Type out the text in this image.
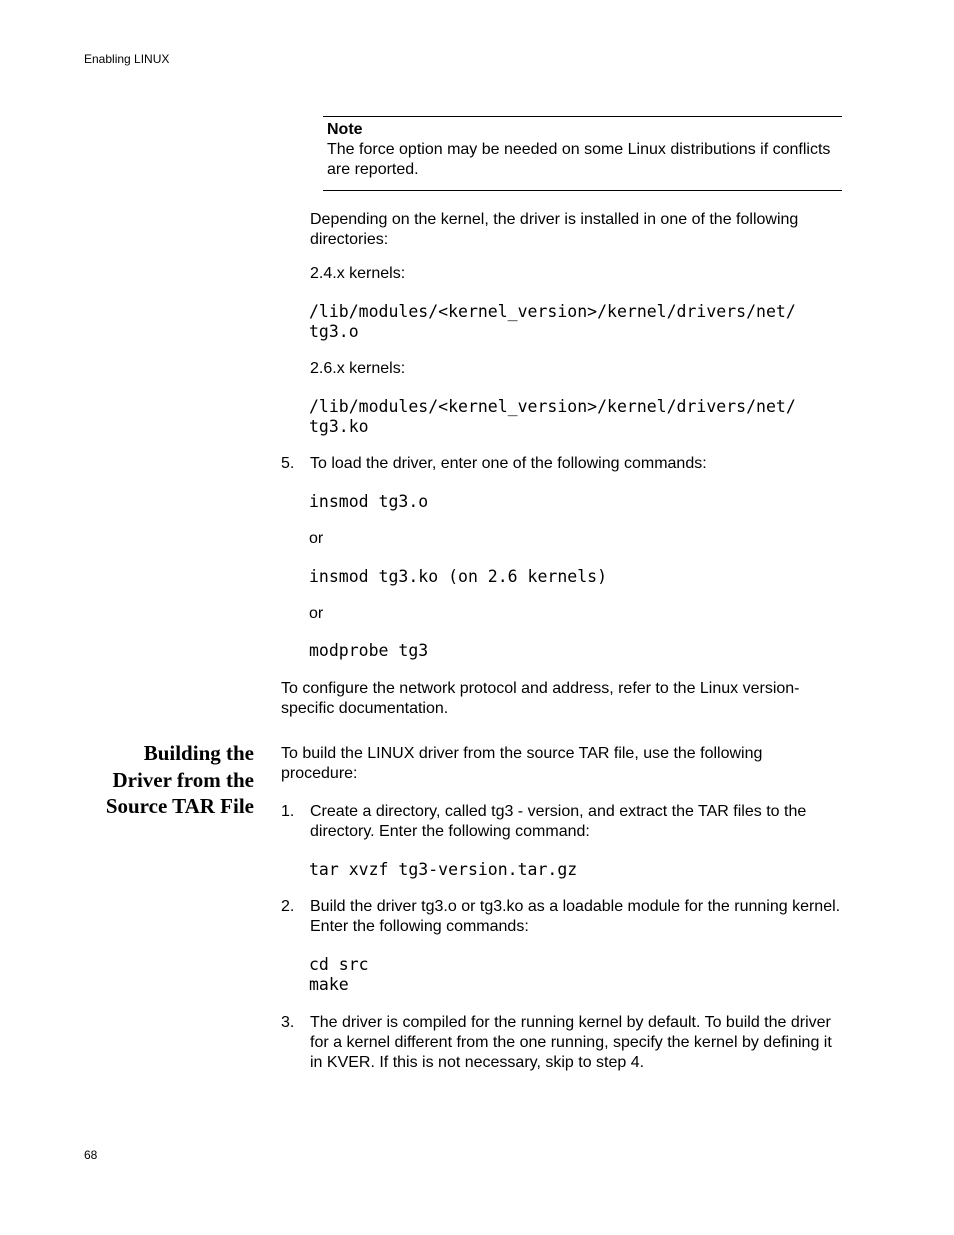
Enabling LINUX
Note
The force option may be needed on some Linux distributions if conflicts are reported.
Depending on the kernel, the driver is installed in one of the following directories:
2.4.x kernels:
/lib/modules/<kernel_version>/kernel/drivers/net/
tg3.o
2.6.x kernels:
/lib/modules/<kernel_version>/kernel/drivers/net/
tg3.ko
5. To load the driver, enter one of the following commands:
insmod tg3.o
or
insmod tg3.ko (on 2.6 kernels)
or
modprobe tg3
To configure the network protocol and address, refer to the Linux version-specific documentation.
Building the
Driver from the
Source TAR File
To build the LINUX driver from the source TAR file, use the following procedure:
1. Create a directory, called tg3 - version, and extract the TAR files to the directory. Enter the following command:
tar xvzf tg3-version.tar.gz
2. Build the driver tg3.o or tg3.ko as a loadable module for the running kernel. Enter the following commands:
cd src
make
3. The driver is compiled for the running kernel by default. To build the driver for a kernel different from the one running, specify the kernel by defining it in KVER. If this is not necessary, skip to step 4.
68
